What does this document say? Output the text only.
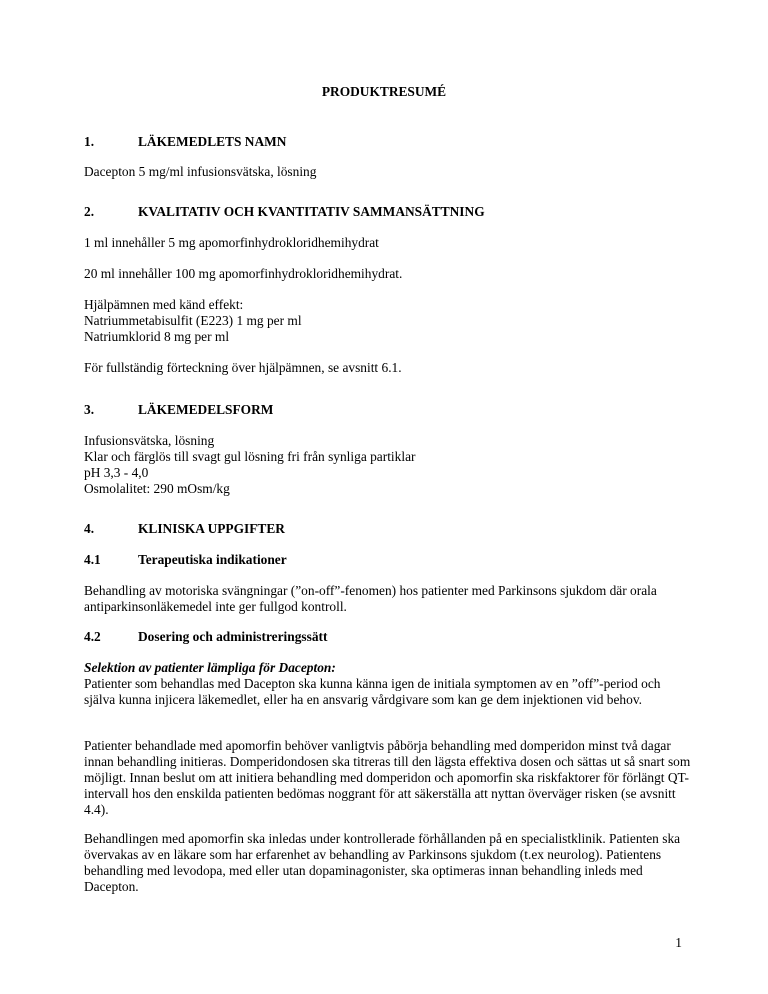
PRODUKTRESUMÉ
1.	LÄKEMEDLETS NAMN
Dacepton 5 mg/ml infusionsvätska, lösning
2.	KVALITATIV OCH KVANTITATIV SAMMANSÄTTNING
1 ml innehåller 5 mg apomorfinhydrokloridhemihydrat
20 ml innehåller 100 mg apomorfinhydrokloridhemihydrat.
Hjälpämnen med känd effekt:
Natriummetabisulfit (E223) 1 mg per ml
Natriumklorid 8 mg per ml
För fullständig förteckning över hjälpämnen, se avsnitt 6.1.
3.	LÄKEMEDELSFORM
Infusionsvätska, lösning
Klar och färglös till svagt gul lösning fri från synliga partiklar
pH 3,3 - 4,0
Osmolalitet: 290 mOsm/kg
4.	KLINISKA UPPGIFTER
4.1	Terapeutiska indikationer
Behandling av motoriska svängningar (”on-off”-fenomen) hos patienter med Parkinsons sjukdom där orala antiparkinsonläkemedel inte ger fullgod kontroll.
4.2	Dosering och administreringssätt
Selektion av patienter lämpliga för Dacepton:
Patienter som behandlas med Dacepton ska kunna känna igen de initiala symptomen av en ”off”-period och själva kunna injicera läkemedlet, eller ha en ansvarig vårdgivare som kan ge dem injektionen vid behov.
Patienter behandlade med apomorfin behöver vanligtvis påbörja behandling med domperidon minst två dagar innan behandling initieras. Domperidondosen ska titreras till den lägsta effektiva dosen och sättas ut så snart som möjligt. Innan beslut om att initiera behandling med domperidon och apomorfin ska riskfaktorer för förlängt QT-intervall hos den enskilda patienten bedömas noggrant för att säkerställa att nyttan överväger risken (se avsnitt 4.4).
Behandlingen med apomorfin ska inledas under kontrollerade förhållanden på en specialistklinik. Patienten ska övervakas av en läkare som har erfarenhet av behandling av Parkinsons sjukdom (t.ex neurolog). Patientens behandling med levodopa, med eller utan dopaminagonister, ska optimeras innan behandling inleds med Dacepton.
1
